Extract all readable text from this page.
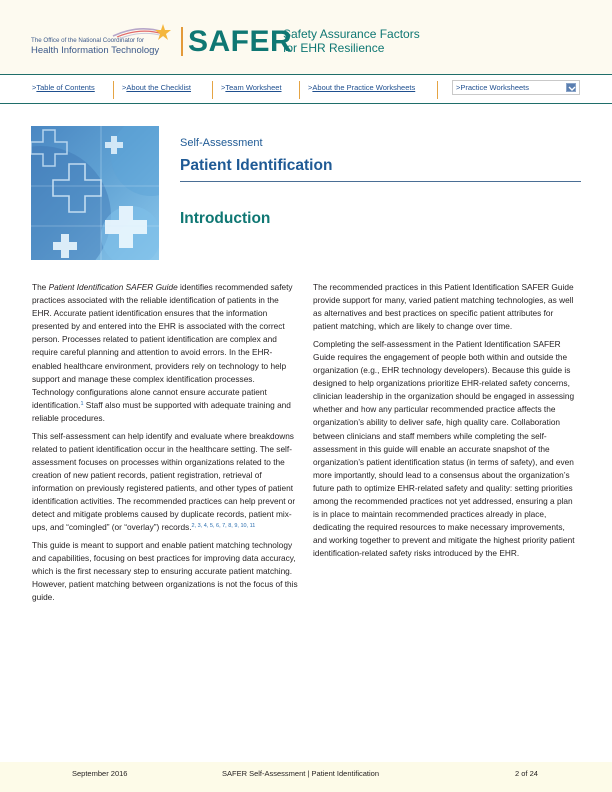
The Office of the National Coordinator for
Health Information Technology SAFER
Safety Assurance Factors
for EHR Resilience
>Table of Contents	>About the Checklist	>Team Worksheet	>About the Practice Worksheets	>Practice Worksheets
Self-Assessment
Patient Identification
Introduction

The Patient Identification SAFER Guide identifies recommended safety practices associated with the reliable identification of patients in the EHR. Accurate patient identification ensures that the information presented by and entered into the EHR is associated with the correct person. Processes related to patient identification are complex and require careful planning and attention to avoid errors. In the EHR-enabled healthcare environment, providers rely on technology to help support and manage these complex identification processes. Technology configurations alone cannot ensure accurate patient identification.$^1$ Staff also must be supported with adequate training and reliable procedures.

This self-assessment can help identify and evaluate where breakdowns related to patient identification occur in the healthcare setting. The self-assessment focuses on processes within organizations related to the creation of new patient records, patient registration, retrieval of information on previously registered patients, and other types of patient identification activities. The recommended practices can help prevent or detect and mitigate problems caused by duplicate records, patient mix-ups, and “comingled” (or “overlay”) records.$^{2, 3, 4, 5, 6, 7, 8, 9, 10, 11}$

This guide is meant to support and enable patient matching technology and capabilities, focusing on best practices for improving data accuracy, which is the first necessary step to ensuring accurate patient matching. However, patient matching between organizations is not the focus of this guide.

The recommended practices in this Patient Identification SAFER Guide provide support for many, varied patient matching technologies, as well as alternatives and best practices on specific patient attributes for patient matching, which are likely to change over time.

Completing the self-assessment in the Patient Identification SAFER Guide requires the engagement of people both within and outside the organization (e.g., EHR technology developers). Because this guide is designed to help organizations prioritize EHR-related safety concerns, clinician leadership in the organization should be engaged in assessing whether and how any particular recommended practice affects the organization’s ability to deliver safe, high quality care. Collaboration between clinicians and staff members while completing the self-assessment in this guide will enable an accurate snapshot of the organization’s patient identification status (in terms of safety), and even more importantly, should lead to a consensus about the organization’s future path to optimize EHR-related safety and quality: setting priorities among the recommended practices not yet addressed, ensuring a plan is in place to maintain recommended practices already in place, dedicating the required resources to make necessary improvements, and working together to prevent and mitigate the highest priority patient identification-related safety risks introduced by the EHR.

September 2016	SAFER Self-Assessment | Patient Identification	2 of 24
